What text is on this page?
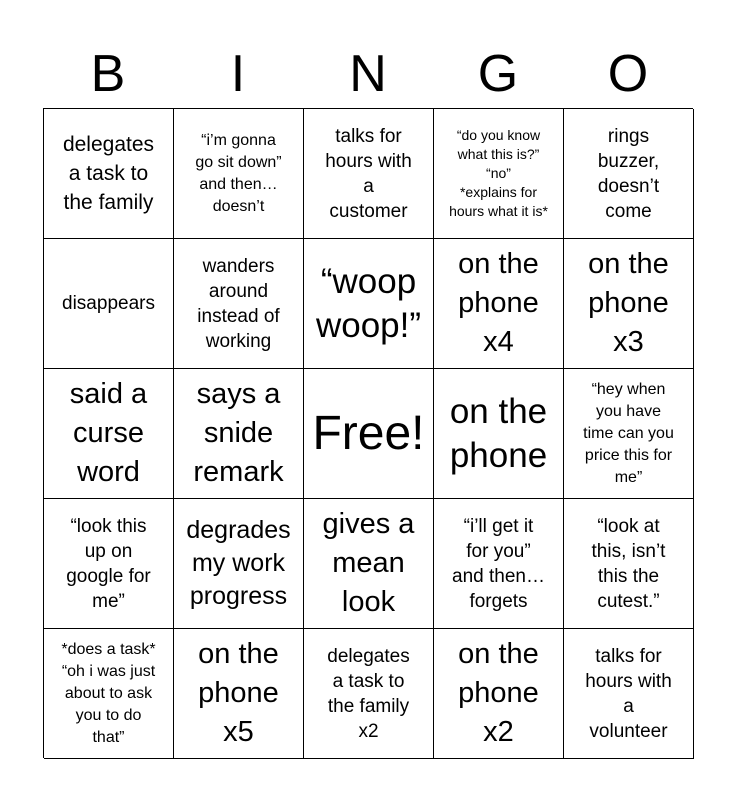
B	I	N	G	O
delegates
a task to
the family
“i’m gonna
go sit down”
and then…
doesn’t
talks for
hours with
a
customer
“do you know
what this is?”
“no”
*explains for
hours what it is*
rings
buzzer,
doesn’t
come
disappears
wanders
around
instead of
working
“woop
woop!”
on the
phone
x4
on the
phone
x3
said a
curse
word
says a
snide
remark
Free! on the
phone
“hey when
you have
time can you
price this for
me”
“look this
up on
google for
me”
degrades
my work
progress
gives a
mean
look
“i’ll get it
for you”
and then…
forgets
“look at
this, isn’t
this the
cutest.”
*does a task*
“oh i was just
about to ask
you to do
that”
on the
phone
x5
delegates
a task to
the family
x2
on the
phone
x2
talks for
hours with
a
volunteer
